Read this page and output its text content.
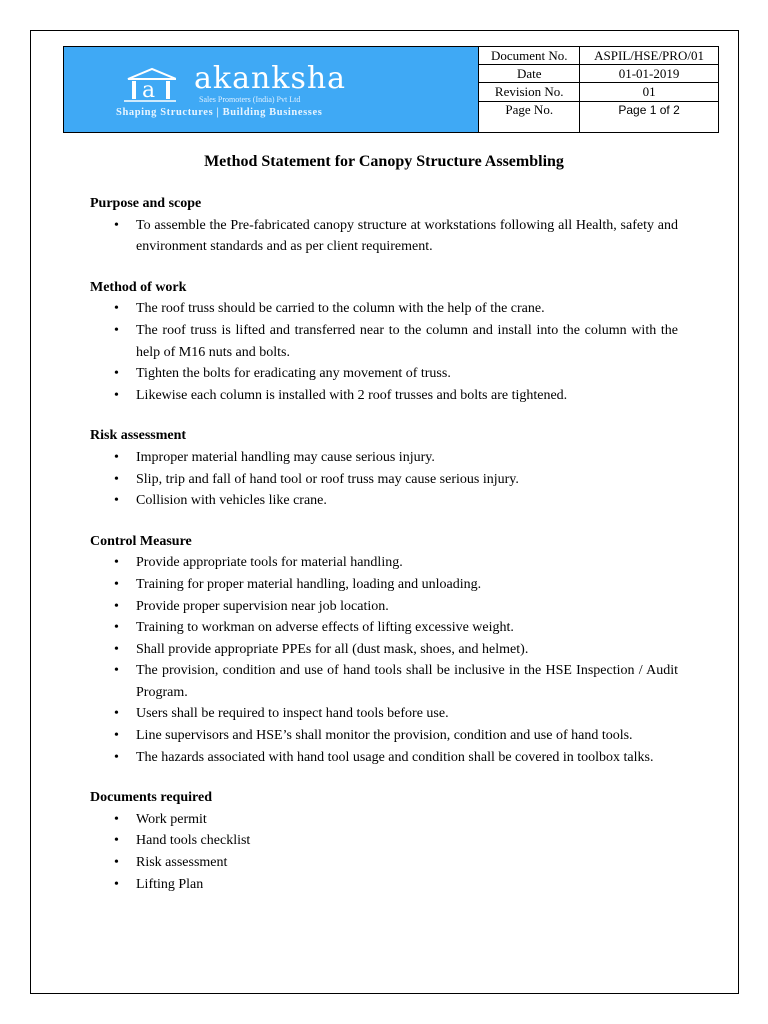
a akanksha
Sales Promoters (India) Pvt Ltd
Shaping Structures | Building Businesses
Document No.	ASPIL/HSE/PRO/01
Date	01-01-2019
Revision No.	01
Page No.	Page 1 of 2
Method Statement for Canopy Structure Assembling
Purpose and scope
• To assemble the Pre-fabricated canopy structure at workstations following all Health, safety and environment standards and as per client requirement.
Method of work
• The roof truss should be carried to the column with the help of the crane.
• The roof truss is lifted and transferred near to the column and install into the column with the help of M16 nuts and bolts.
• Tighten the bolts for eradicating any movement of truss.
• Likewise each column is installed with 2 roof trusses and bolts are tightened.
Risk assessment
• Improper material handling may cause serious injury.
• Slip, trip and fall of hand tool or roof truss may cause serious injury.
• Collision with vehicles like crane.
Control Measure
• Provide appropriate tools for material handling.
• Training for proper material handling, loading and unloading.
• Provide proper supervision near job location.
• Training to workman on adverse effects of lifting excessive weight.
• Shall provide appropriate PPEs for all (dust mask, shoes, and helmet).
• The provision, condition and use of hand tools shall be inclusive in the HSE Inspection / Audit Program.
• Users shall be required to inspect hand tools before use.
• Line supervisors and HSE’s shall monitor the provision, condition and use of hand tools.
• The hazards associated with hand tool usage and condition shall be covered in toolbox talks.
Documents required
• Work permit
• Hand tools checklist
• Risk assessment
• Lifting Plan
